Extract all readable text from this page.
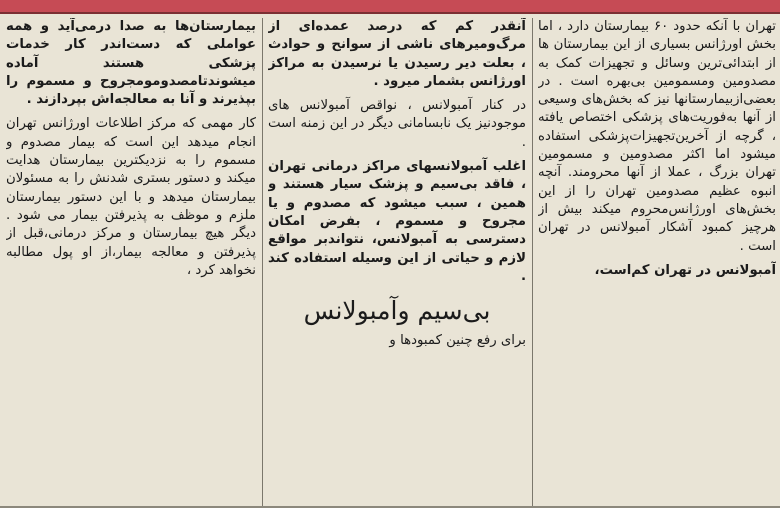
تهران با آنکه حدود ۶۰ بیمارستان دارد ، اما بخش اورژانس بسیاری از این بیمارستان ها از ابتدائی‌ترین وسائل و تجهیزات کمک به مصدومین ومسمومین بی‌بهره است . در بعضی‌ازبیمارستانها نیز که بخش‌های وسیعی از آنها به‌فوریت‌های پزشکی اختصاص یافته ، گرچه از آخرین‌تجهیزات‌پزشکی استفاده میشود اما اکثر مصدومین و مسمومین تهران بزرگ ، عملا از آنها محرومند. آنچه انبوه عظیم مصدومین تهران را از این بخش‌های اورژانس‌محروم میکند بیش از هرچیز کمبود آشکار آمبولانس در تهران است .

آمبولانس در تهران کم‌است،

آنقدر کم که درصد عمده‌ای از مرگ‌ومیرهای ناشی از سوانح و حوادث ، بعلت دیر رسیدن یا نرسیدن به مراکز اورژانس بشمار میرود .

در کنار آمبولانس ، نواقص آمبولانس های موجودنیز یک نابسامانی دیگر در این زمنه است .

اغلب آمبولانسهای مراکز درمانی تهران ، فاقد بی‌سیم و پزشک سیار هستند و همین ، سبب میشود که مصدوم و یا مجروح و مسموم ، بفرض امکان دسترسی به آمبولانس، نتواندبر مواقع لازم و حیاتی از این وسیله استفاده کند .

بی‌سیم وآمبولانس

برای رفع چنین کمبودها و

بیمارستان‌ها به صدا درمی‌آید و همه عواملی که دست‌اندر کار خدمات پزشکی هستند آماده میشوندتامصدومومجروح و مسموم را بپذیرند و آنا به معالجه‌اش بپردازند .

کار مهمی که مرکز اطلاعات اورژانس تهران انجام میدهد این است که بیمار مصدوم و مسموم را به نزدیکترین بیمارستان هدایت میکند و دستور بستری شدنش را به مسئولان بیمارستان میدهد و با این دستور بیمارستان ملزم و موظف به پذیرفتن بیمار می شود . دیگر هیچ بیمارستان و مرکز درمانی،قبل از پذیرفتن و معالجه بیمار،از او پول مطالبه نخواهد کرد ،
